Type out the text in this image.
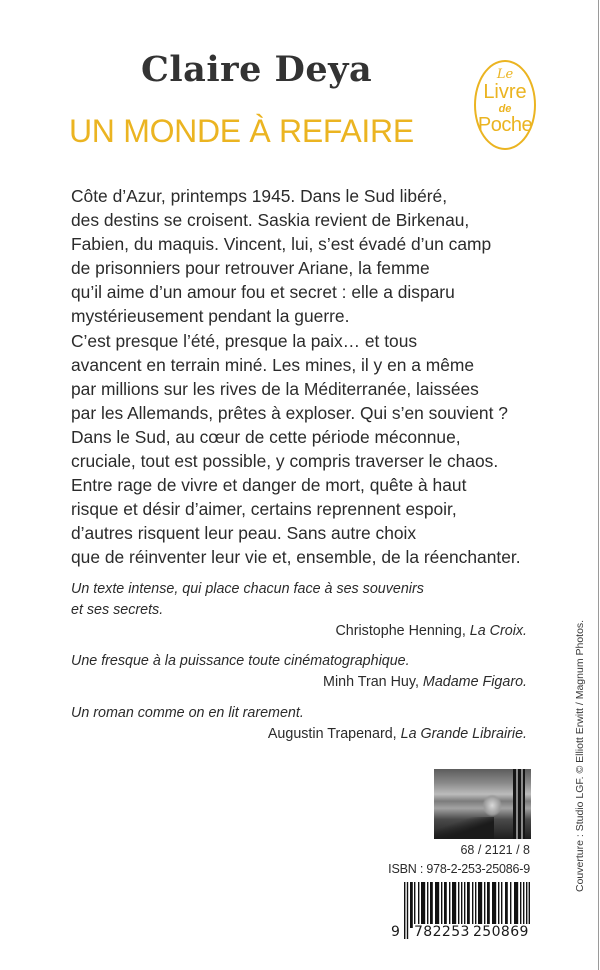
Claire Deya
UN MONDE À REFAIRE
Le
Livre
de
Poche
Côte d’Azur, printemps 1945. Dans le Sud libéré,
des destins se croisent. Saskia revient de Birkenau,
Fabien, du maquis. Vincent, lui, s’est évadé d’un camp
de prisonniers pour retrouver Ariane, la femme
qu’il aime d’un amour fou et secret : elle a disparu
mystérieusement pendant la guerre.
C’est presque l’été, presque la paix… et tous
avancent en terrain miné. Les mines, il y en a même
par millions sur les rives de la Méditerranée, laissées
par les Allemands, prêtes à exploser. Qui s’en souvient ?
Dans le Sud, au cœur de cette période méconnue,
cruciale, tout est possible, y compris traverser le chaos.
Entre rage de vivre et danger de mort, quête à haut
risque et désir d’aimer, certains reprennent espoir,
d’autres risquent leur peau. Sans autre choix
que de réinventer leur vie et, ensemble, de la réenchanter.
Un texte intense, qui place chacun face à ses souvenirs
et ses secrets.
Christophe Henning, La Croix.
Une fresque à la puissance toute cinématographique.
Minh Tran Huy, Madame Figaro.
Un roman comme on en lit rarement.
Augustin Trapenard, La Grande Librairie.	Couverture : Studio LGF. © Elliott Erwitt / Magnum Photos.
68 / 2121 / 8
ISBN : 978-2-253-25086-9
9 782253 250869
